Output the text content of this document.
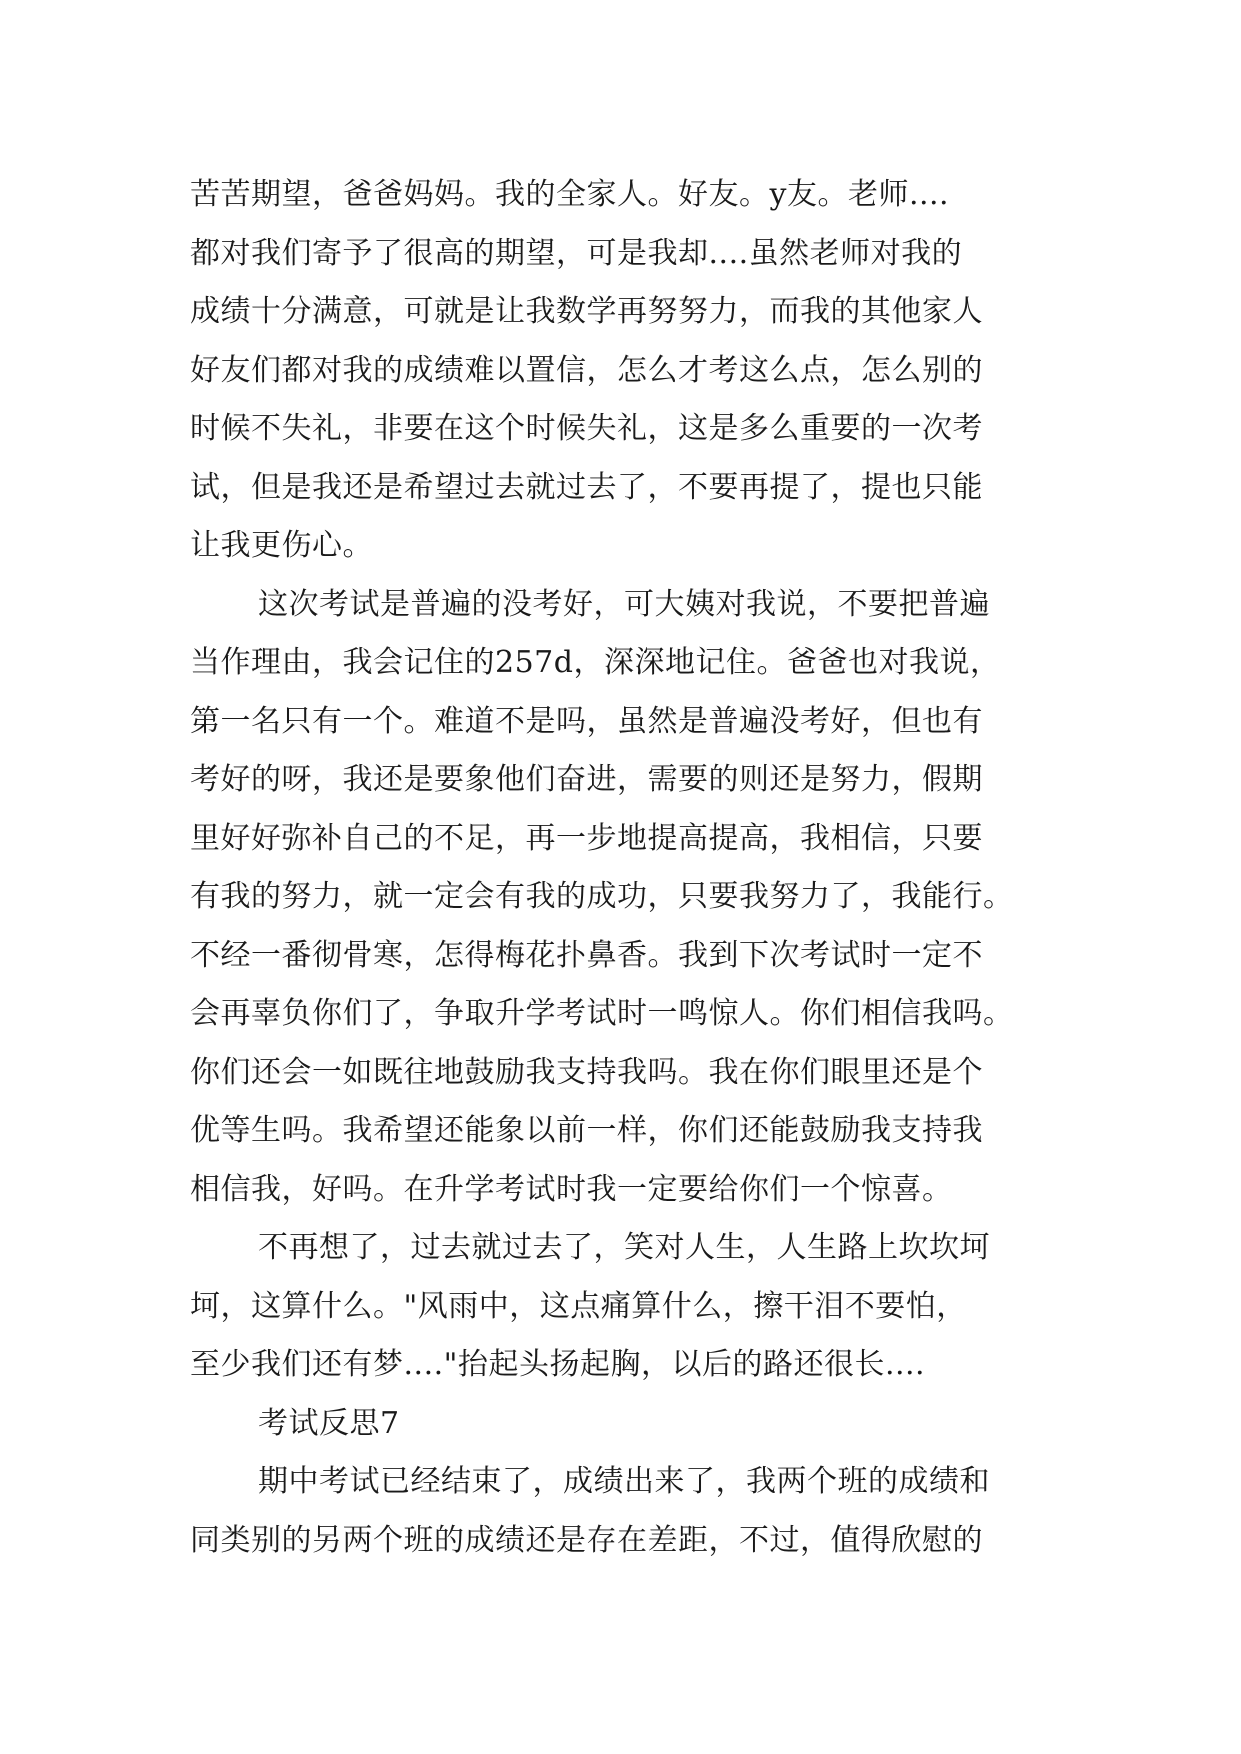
苦苦期望，爸爸妈妈。我的全家人。好友。y友。老师....
都对我们寄予了很高的期望，可是我却....虽然老师对我的
成绩十分满意，可就是让我数学再努努力，而我的其他家人
好友们都对我的成绩难以置信，怎么才考这么点，怎么别的
时候不失礼，非要在这个时候失礼，这是多么重要的一次考
试，但是我还是希望过去就过去了，不要再提了，提也只能
让我更伤心。
这次考试是普遍的没考好，可大姨对我说，不要把普遍
当作理由，我会记住的257d，深深地记住。爸爸也对我说，
第一名只有一个。难道不是吗，虽然是普遍没考好，但也有
考好的呀，我还是要象他们奋进，需要的则还是努力，假期
里好好弥补自己的不足，再一步地提高提高，我相信，只要
有我的努力，就一定会有我的成功，只要我努力了，我能行。
不经一番彻骨寒，怎得梅花扑鼻香。我到下次考试时一定不
会再辜负你们了，争取升学考试时一鸣惊人。你们相信我吗。
你们还会一如既往地鼓励我支持我吗。我在你们眼里还是个
优等生吗。我希望还能象以前一样，你们还能鼓励我支持我
相信我，好吗。在升学考试时我一定要给你们一个惊喜。
不再想了，过去就过去了，笑对人生，人生路上坎坎坷
坷，这算什么。"风雨中，这点痛算什么，擦干泪不要怕，
至少我们还有梦...."抬起头扬起胸，以后的路还很长....
考试反思7
期中考试已经结束了，成绩出来了，我两个班的成绩和
同类别的另两个班的成绩还是存在差距，不过，值得欣慰的
